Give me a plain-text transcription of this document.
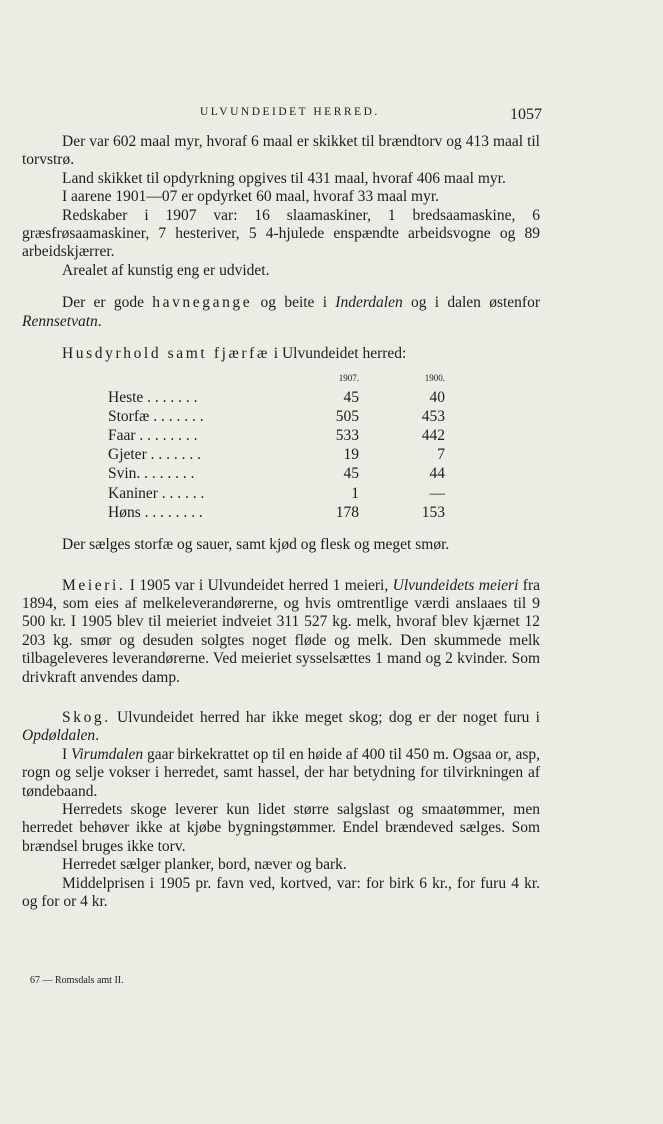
ULVUNDEIDET HERRED.	1057

Der var 602 maal myr, hvoraf 6 maal er skikket til brændtorv og 413 maal til torvstrø.

Land skikket til opdyrkning opgives til 431 maal, hvoraf 406 maal myr.

I aarene 1901—07 er opdyrket 60 maal, hvoraf 33 maal myr.

Redskaber i 1907 var: 16 slaamaskiner, 1 bredsaamaskine, 6 græsfrøsaamaskiner, 7 hesteriver, 5 4-hjulede enspændte arbeidsvogne og 89 arbeidskjærrer.

Arealet af kunstig eng er udvidet.

Der er gode havnegange og beite i Inderdalen og i dalen østenfor Rennsetvatn.

Husdyrhold samt fjærfæ i Ulvundeidet herred:

	1907.	1900.
Heste . . . . . . .	45	40
Storfæ . . . . . . .	505	453
Faar . . . . . . . .	533	442
Gjeter . . . . . . .	19	7
Svin. . . . . . . .	45	44
Kaniner . . . . . .	1	—
Høns . . . . . . . .	178	153

Der sælges storfæ og sauer, samt kjød og flesk og meget smør.

Meieri. I 1905 var i Ulvundeidet herred 1 meieri, Ulvundeidets meieri fra 1894, som eies af melkeleverandørerne, og hvis omtrentlige værdi anslaaes til 9 500 kr. I 1905 blev til meieriet indveiet 311 527 kg. melk, hvoraf blev kjærnet 12 203 kg. smør og desuden solgtes noget fløde og melk. Den skummede melk tilbageleveres leverandørerne. Ved meieriet sysselsættes 1 mand og 2 kvinder. Som drivkraft anvendes damp.

Skog. Ulvundeidet herred har ikke meget skog; dog er der noget furu i Opdøldalen.

I Virumdalen gaar birkekrattet op til en høide af 400 til 450 m. Ogsaa or, asp, rogn og selje vokser i herredet, samt hassel, der har betydning for tilvirkningen af tøndebaand.

Herredets skoge leverer kun lidet større salgslast og smaatømmer, men herredet behøver ikke at kjøbe bygningstømmer. Endel brændeved sælges. Som brændsel bruges ikke torv.

Herredet sælger planker, bord, næver og bark.

Middelprisen i 1905 pr. favn ved, kortved, var: for birk 6 kr., for furu 4 kr. og for or 4 kr.

67 — Romsdals amt II.
